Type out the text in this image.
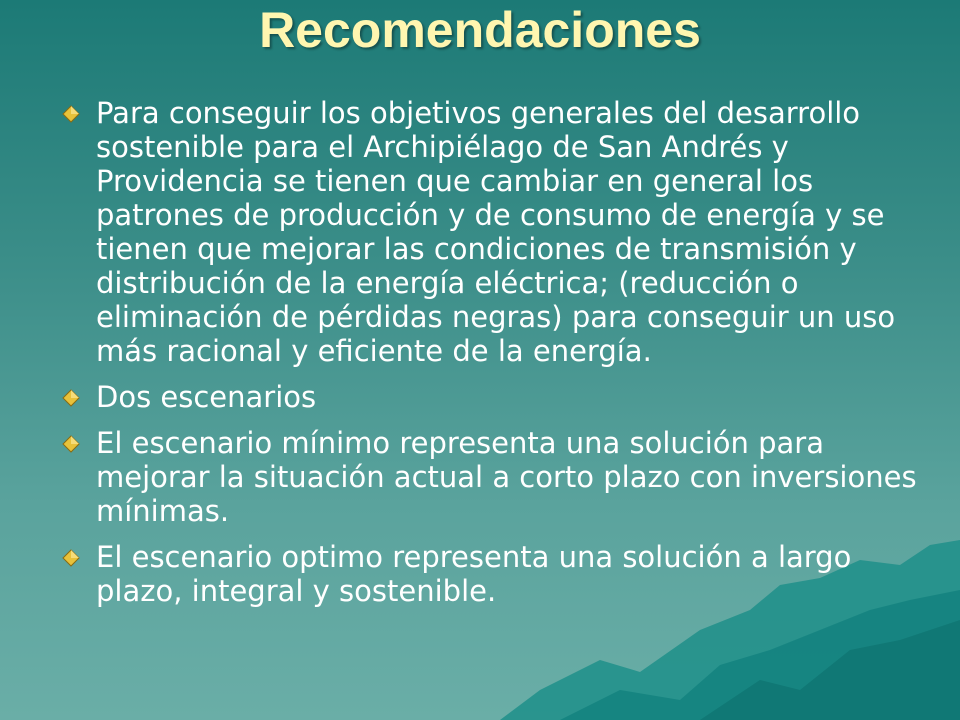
Recomendaciones
Para conseguir los objetivos generales del desarrollo sostenible para el Archipiélago de San Andrés y Providencia se tienen que cambiar en general los patrones de producción y de consumo de energía y se tienen que mejorar las condiciones de transmisión y distribución de la energía eléctrica; (reducción o eliminación de pérdidas negras) para conseguir un uso más racional y eficiente de la energía.
Dos escenarios
El escenario mínimo representa una solución para mejorar la situación actual a corto plazo con inversiones mínimas.
El escenario optimo representa una solución a largo plazo, integral y sostenible.
